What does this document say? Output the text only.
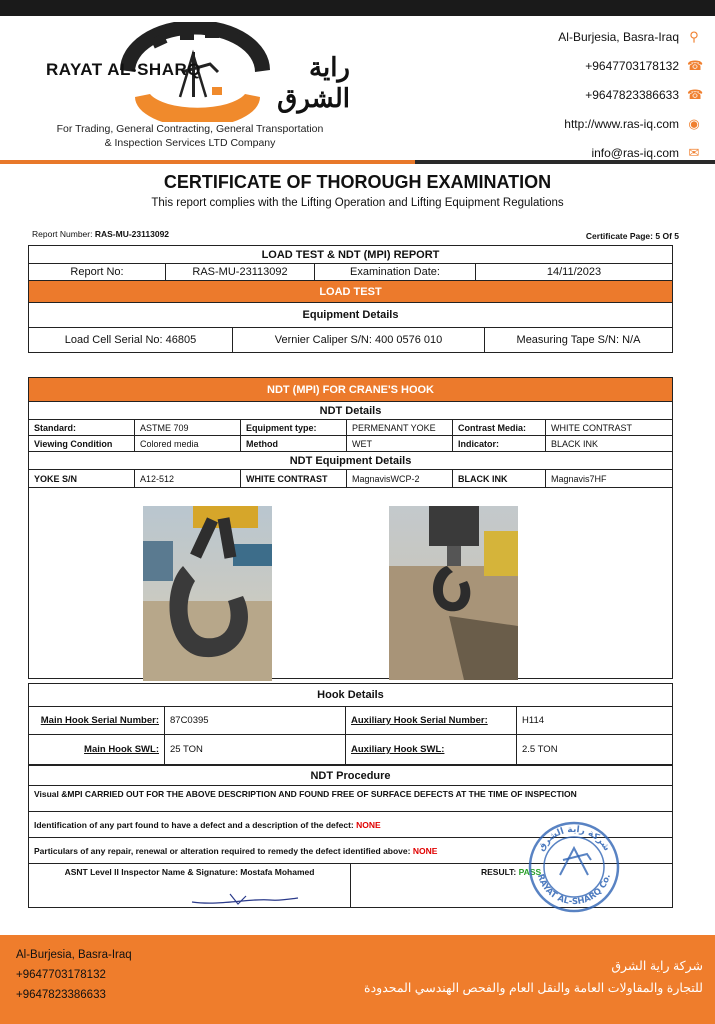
RAYAT AL-SHARQ	راية الشرق
For Trading, General Contracting, General Transportation
& Inspection Services LTD Company
Al-Burjesia, Basra-Iraq ⚲
+9647703178132 ☎
+9647823386633 ☎
http://www.ras-iq.com ◉
info@ras-iq.com ✉
CERTIFICATE OF THOROUGH EXAMINATION
This report complies with the Lifting Operation and Lifting Equipment Regulations
Report Number: RAS-MU-23113092	Certificate Page: 5 Of 5
LOAD TEST & NDT (MPI) REPORT
Report No:	RAS-MU-23113092	Examination Date:	14/11/2023
LOAD TEST
Equipment Details
Load Cell Serial No: 46805	Vernier Caliper S/N: 400 0576 010	Measuring Tape S/N: N/A
NDT (MPI) FOR CRANE'S HOOK
NDT Details
Standard:	ASTME 709	Equipment type:	PERMENANT YOKE	Contrast Media:	WHITE CONTRAST
Viewing Condition	Colored media	Method	WET	Indicator:	BLACK INK
NDT Equipment Details					
YOKE S/N	A12-512	WHITE CONTRAST	MagnavisWCP-2	BLACK INK	Magnavis7HF

Hook Details			
Main Hook Serial Number:	87C0395	Auxiliary Hook Serial Number:	H114
Main Hook SWL:	25 TON	Auxiliary Hook SWL:	2.5 TON
NDT Procedure
Visual &MPI CARRIED OUT FOR THE ABOVE DESCRIPTION AND FOUND FREE OF SURFACE DEFECTS AT THE TIME OF INSPECTION
Identification of any part found to have a defect and a description of the defect: NONE
Particulars of any repair, renewal or alteration required to remedy the defect identified above: NONE
ASNT Level II Inspector Name & Signature: Mostafa Mohamed	RESULT: PASS
شركة راية الشرق
RAYAT AL-SHARQ Co.
Al-Burjesia, Basra-Iraq
+9647703178132
+9647823386633
شركة راية الشرق
للتجارة والمقاولات العامة والنقل العام والفحص الهندسي المحدودة
